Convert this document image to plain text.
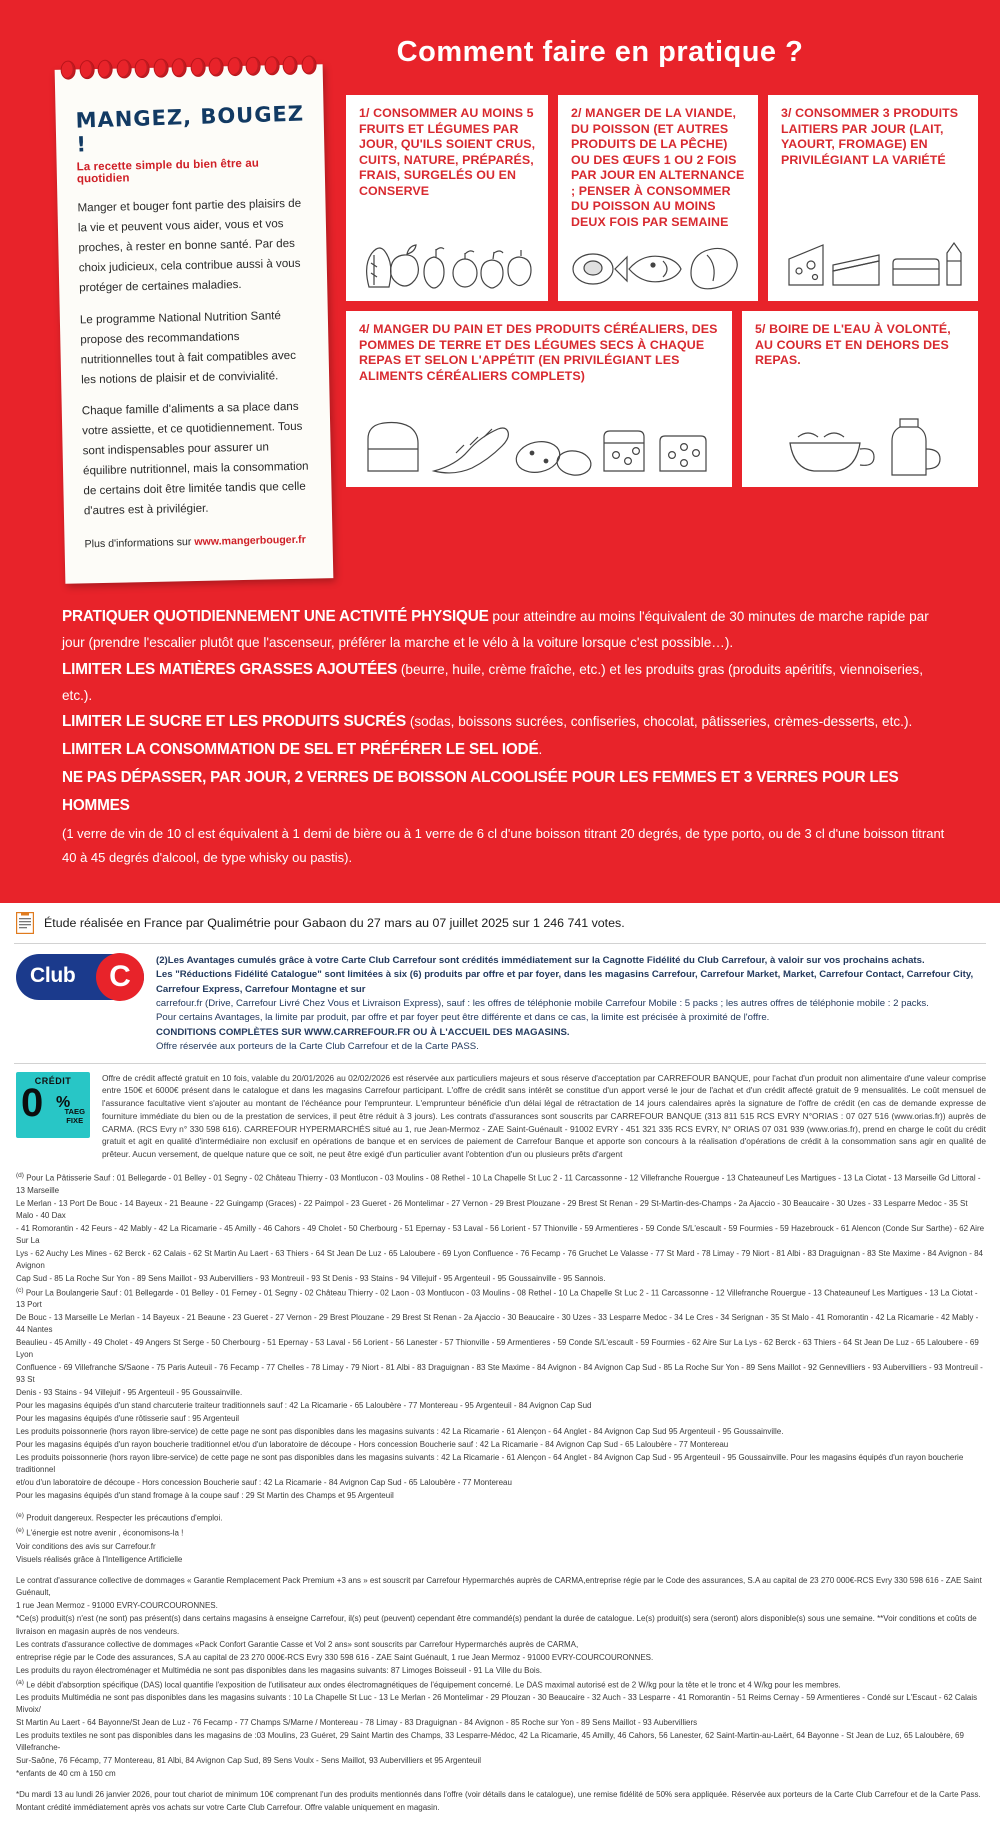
Comment faire en pratique ?
MANGEZ, BOUGEZ !
La recette simple du bien être au quotidien

Manger et bouger font partie des plaisirs de la vie et peuvent vous aider, vous et vos proches, à rester en bonne santé. Par des choix judicieux, cela contribue aussi à vous protéger de certaines maladies.

Le programme National Nutrition Santé propose des recommandations nutritionnelles tout à fait compatibles avec les notions de plaisir et de convivialité.

Chaque famille d'aliments a sa place dans votre assiette, et ce quotidiennement. Tous sont indispensables pour assurer un équilibre nutritionnel, mais la consommation de certains doit être limitée tandis que celle d'autres est à privilégier.

Plus d'informations sur www.mangerbouger.fr

1/ CONSOMMER AU MOINS 5 FRUITS ET LÉGUMES PAR JOUR, QU'ILS SOIENT CRUS, CUITS, NATURE, PRÉPARÉS, FRAIS, SURGELÉS OU EN CONSERVE
2/ MANGER DE LA VIANDE, DU POISSON (ET AUTRES PRODUITS DE LA PÊCHE) OU DES ŒUFS 1 OU 2 FOIS PAR JOUR EN ALTERNANCE ; PENSER À CONSOMMER DU POISSON AU MOINS DEUX FOIS PAR SEMAINE
3/ CONSOMMER 3 PRODUITS LAITIERS PAR JOUR (LAIT, YAOURT, FROMAGE) EN PRIVILÉGIANT LA VARIÉTÉ
4/ MANGER DU PAIN ET DES PRODUITS CÉRÉALIERS, DES POMMES DE TERRE ET DES LÉGUMES SECS À CHAQUE REPAS ET SELON L'APPÉTIT (EN PRIVILÉGIANT LES ALIMENTS CÉRÉALIERS COMPLETS)
5/ BOIRE DE L'EAU À VOLONTÉ, AU COURS ET EN DEHORS DES REPAS.

PRATIQUER QUOTIDIENNEMENT UNE ACTIVITÉ PHYSIQUE pour atteindre au moins l'équivalent de 30 minutes de marche rapide par jour (prendre l'escalier plutôt que l'ascenseur, préférer la marche et le vélo à la voiture lorsque c'est possible…).

LIMITER LES MATIÈRES GRASSES AJOUTÉES (beurre, huile, crème fraîche, etc.) et les produits gras (produits apéritifs, viennoiseries, etc.).

LIMITER LE SUCRE ET LES PRODUITS SUCRÉS (sodas, boissons sucrées, confiseries, chocolat, pâtisseries, crèmes-desserts, etc.).

LIMITER LA CONSOMMATION DE SEL ET PRÉFÉRER LE SEL IODÉ.

NE PAS DÉPASSER, PAR JOUR, 2 VERRES DE BOISSON ALCOOLISÉE POUR LES FEMMES ET 3 VERRES POUR LES HOMMES

(1 verre de vin de 10 cl est équivalent à 1 demi de bière ou à 1 verre de 6 cl d'une boisson titrant 20 degrés, de type porto, ou de 3 cl d'une boisson titrant 40 à 45 degrés d'alcool, de type whisky ou pastis).

Étude réalisée en France par Qualimétrie pour Gabaon du 27 mars au 07 juillet 2025 sur 1 246 741 votes.
Club	C	(2)Les Avantages cumulés grâce à votre Carte Club Carrefour sont crédités immédiatement sur la Cagnotte Fidélité du Club Carrefour, à valoir sur vos prochains achats.
Les "Réductions Fidélité Catalogue" sont limitées à six (6) produits par offre et par foyer, dans les magasins Carrefour, Carrefour Market, Market, Carrefour Contact, Carrefour City, Carrefour Express, Carrefour Montagne et sur
carrefour.fr (Drive, Carrefour Livré Chez Vous et Livraison Express), sauf : les offres de téléphonie mobile Carrefour Mobile : 5 packs ; les autres offres de téléphonie mobile : 2 packs.
Pour certains Avantages, la limite par produit, par offre et par foyer peut être différente et dans ce cas, la limite est précisée à proximité de l'offre.
CONDITIONS COMPLÈTES SUR WWW.CARREFOUR.FR OU À L'ACCUEIL DES MAGASINS.
Offre réservée aux porteurs de la Carte Club Carrefour et de la Carte PASS.
CRÉDIT
0 %
TAEG
FIXE
Offre de crédit affecté gratuit en 10 fois, valable du 20/01/2026 au 02/02/2026 est réservée aux particuliers majeurs et sous réserve d'acceptation par CARREFOUR BANQUE, pour l'achat d'un produit non alimentaire d'une valeur comprise entre 150€ et 6000€ présent dans le catalogue et dans les magasins Carrefour participant. L'offre de crédit sans intérêt se constitue d'un apport versé le jour de l'achat et d'un crédit affecté gratuit de 9 mensualités. Le coût mensuel de l'assurance facultative vient s'ajouter au montant de l'échéance pour l'emprunteur. L'emprunteur bénéficie d'un délai légal de rétractation de 14 jours calendaires après la signature de l'offre de crédit (en cas de demande expresse de fourniture immédiate du bien ou de la prestation de services, il peut être réduit à 3 jours). Les contrats d'assurances sont souscrits par CARREFOUR BANQUE (313 811 515 RCS EVRY N°ORIAS : 07 027 516 (www.orias.fr)) auprès de CARMA. (RCS Evry n° 330 598 616). CARREFOUR HYPERMARCHÉS situé au 1, rue Jean-Mermoz - ZAE Saint-Guénault - 91002 EVRY - 451 321 335 RCS EVRY, N° ORIAS 07 031 939 (www.orias.fr), prend en charge le coût du crédit gratuit et agit en qualité d'intermédiaire non exclusif en opérations de banque et en services de paiement de Carrefour Banque et apporte son concours à la réalisation d'opérations de crédit à la consommation sans agir en qualité de prêteur. Aucun versement, de quelque nature que ce soit, ne peut être exigé d'un particulier avant l'obtention d'un ou plusieurs prêts d'argent

$^{(d)}$ Pour La Pâtisserie Sauf : 01 Bellegarde - 01 Belley - 01 Segny - 02 Château Thierry - 03 Montlucon - 03 Moulins - 08 Rethel - 10 La Chapelle St Luc 2 - 11 Carcassonne - 12 Villefranche Rouergue - 13 Chateauneuf Les Martigues - 13 La Ciotat - 13 Marseille Gd Littoral - 13 Marseille

Le Merlan - 13 Port De Bouc - 14 Bayeux - 21 Beaune - 22 Guingamp (Graces) - 22 Paimpol - 23 Gueret - 26 Montelimar - 27 Vernon - 29 Brest Plouzane - 29 Brest St Renan - 29 St-Martin-des-Champs - 2a Ajaccio - 30 Beaucaire - 30 Uzes - 33 Lesparre Medoc - 35 St Malo - 40 Dax

- 41 Romorantin - 42 Feurs - 42 Mably - 42 La Ricamarie - 45 Amilly - 46 Cahors - 49 Cholet - 50 Cherbourg - 51 Epernay - 53 Laval - 56 Lorient - 57 Thionville - 59 Armentieres - 59 Conde S/L'escault - 59 Fourmies - 59 Hazebrouck - 61 Alencon (Conde Sur Sarthe) - 62 Aire Sur La

Lys - 62 Auchy Les Mines - 62 Berck - 62 Calais - 62 St Martin Au Laert - 63 Thiers - 64 St Jean De Luz - 65 Laloubere - 69 Lyon Confluence - 76 Fecamp - 76 Gruchet Le Valasse - 77 St Mard - 78 Limay - 79 Niort - 81 Albi - 83 Draguignan - 83 Ste Maxime - 84 Avignon - 84 Avignon

Cap Sud - 85 La Roche Sur Yon - 89 Sens Maillot - 93 Aubervilliers - 93 Montreuil - 93 St Denis - 93 Stains - 94 Villejuif - 95 Argenteuil - 95 Goussainville - 95 Sannois.

$^{(c)}$ Pour La Boulangerie Sauf : 01 Bellegarde - 01 Belley - 01 Ferney - 01 Segny - 02 Château Thierry - 02 Laon - 03 Montlucon - 03 Moulins - 08 Rethel - 10 La Chapelle St Luc 2 - 11 Carcassonne - 12 Villefranche Rouergue - 13 Chateauneuf Les Martigues - 13 La Ciotat - 13 Port

De Bouc - 13 Marseille Le Merlan - 14 Bayeux - 21 Beaune - 23 Gueret - 27 Vernon - 29 Brest Plouzane - 29 Brest St Renan - 2a Ajaccio - 30 Beaucaire - 30 Uzes - 33 Lesparre Medoc - 34 Le Cres - 34 Serignan - 35 St Malo - 41 Romorantin - 42 La Ricamarie - 42 Mably - 44 Nantes

Beaulieu - 45 Amilly - 49 Cholet - 49 Angers St Serge - 50 Cherbourg - 51 Epernay - 53 Laval - 56 Lorient - 56 Lanester - 57 Thionville - 59 Armentieres - 59 Conde S/L'escault - 59 Fourmies - 62 Aire Sur La Lys - 62 Berck - 63 Thiers - 64 St Jean De Luz - 65 Laloubere - 69 Lyon

Confluence - 69 Villefranche S/Saone - 75 Paris Auteuil - 76 Fecamp - 77 Chelles - 78 Limay - 79 Niort - 81 Albi - 83 Draguignan - 83 Ste Maxime - 84 Avignon - 84 Avignon Cap Sud - 85 La Roche Sur Yon - 89 Sens Maillot - 92 Gennevilliers - 93 Aubervilliers - 93 Montreuil - 93 St

Denis - 93 Stains - 94 Villejuif - 95 Argenteuil - 95 Goussainville.

Pour les magasins équipés d'un stand charcuterie traiteur traditionnels sauf : 42 La Ricamarie - 65 Laloubère - 77 Montereau - 95 Argenteuil - 84 Avignon Cap Sud

Pour les magasins équipés d'une rôtisserie sauf : 95 Argenteuil

Les produits poissonnerie (hors rayon libre-service) de cette page ne sont pas disponibles dans les magasins suivants : 42 La Ricamarie - 61 Alençon - 64 Anglet - 84 Avignon Cap Sud 95 Argenteuil - 95 Goussainville.

Pour les magasins équipés d'un rayon boucherie traditionnel et/ou d'un laboratoire de découpe - Hors concession Boucherie sauf : 42 La Ricamarie - 84 Avignon Cap Sud - 65 Laloubère - 77 Montereau

Les produits poissonnerie (hors rayon libre-service) de cette page ne sont pas disponibles dans les magasins suivants : 42 La Ricamarie - 61 Alençon - 64 Anglet - 84 Avignon Cap Sud - 95 Argenteuil - 95 Goussainville. Pour les magasins équipés d'un rayon boucherie traditionnel

et/ou d'un laboratoire de découpe - Hors concession Boucherie sauf : 42 La Ricamarie - 84 Avignon Cap Sud - 65 Laloubère - 77 Montereau

Pour les magasins équipés d'un stand fromage à la coupe sauf : 29 St Martin des Champs et 95 Argenteuil

$^{(e)}$ Produit dangereux. Respecter les précautions d'emploi.

$^{(e)}$ L'énergie est notre avenir , économisons-la !

Voir conditions des avis sur Carrefour.fr

Visuels réalisés grâce à l'Intelligence Artificielle

Le contrat d'assurance collective de dommages « Garantie Remplacement Pack Premium +3 ans » est souscrit par Carrefour Hypermarchés auprès de CARMA,entreprise régie par le Code des assurances, S.A au capital de 23 270 000€-RCS Evry 330 598 616 - ZAE Saint Guénault,

1 rue Jean Mermoz - 91000 EVRY-COURCOURONNES.

*Ce(s) produit(s) n'est (ne sont) pas présent(s) dans certains magasins à enseigne Carrefour, il(s) peut (peuvent) cependant être commandé(s) pendant la durée de catalogue. Le(s) produit(s) sera (seront) alors disponible(s) sous une semaine. **Voir conditions et coûts de

livraison en magasin auprès de nos vendeurs.

Les contrats d'assurance collective de dommages «Pack Confort Garantie Casse et Vol 2 ans» sont souscrits par Carrefour Hypermarchés auprès de CARMA,

entreprise régie par le Code des assurances, S.A au capital de 23 270 000€-RCS Evry 330 598 616 - ZAE Saint Guénault, 1 rue Jean Mermoz - 91000 EVRY-COURCOURONNES.

Les produits du rayon électroménager et Multimédia ne sont pas disponibles dans les magasins suivants: 87 Limoges Boisseuil - 91 La Ville du Bois.

$^{(a)}$ Le débit d'absorption spécifique (DAS) local quantifie l'exposition de l'utilisateur aux ondes électromagnétiques de l'équipement concerné. Le DAS maximal autorisé est de 2 W/kg pour la tête et le tronc et 4 W/kg pour les membres.

Les produits Multimédia ne sont pas disponibles dans les magasins suivants : 10 La Chapelle St Luc - 13 Le Merlan - 26 Montelimar - 29 Plouzan - 30 Beaucaire - 32 Auch - 33 Lesparre - 41 Romorantin - 51 Reims Cernay - 59 Armentieres - Condé sur L'Escaut - 62 Calais Mivoix/

St Martin Au Laert - 64 Bayonne/St Jean de Luz - 76 Fecamp - 77 Champs S/Marne / Montereau - 78 Limay - 83 Draguignan - 84 Avignon - 85 Roche sur Yon - 89 Sens Maillot - 93 Aubervilliers

Les produits textiles ne sont pas disponibles dans les magasins de :03 Moulins, 23 Guéret, 29 Saint Martin des Champs, 33 Lesparre-Médoc, 42 La Ricamarie, 45 Amilly, 46 Cahors, 56 Lanester, 62 Saint-Martin-au-Laërt, 64 Bayonne - St Jean de Luz, 65 Laloubère, 69 Villefranche-

Sur-Saône, 76 Fécamp, 77 Montereau, 81 Albi, 84 Avignon Cap Sud, 89 Sens Voulx - Sens Maillot, 93 Aubervilliers et 95 Argenteuil

*enfants de 40 cm à 150 cm

*Du mardi 13 au lundi 26 janvier 2026, pour tout chariot de minimum 10€ comprenant l'un des produits mentionnés dans l'offre (voir détails dans le catalogue), une remise fidélité de 50% sera appliquée. Réservée aux porteurs de la Carte Club Carrefour et de la Carte Pass.

Montant crédité immédiatement après vos achats sur votre Carte Club Carrefour. Offre valable uniquement en magasin.
